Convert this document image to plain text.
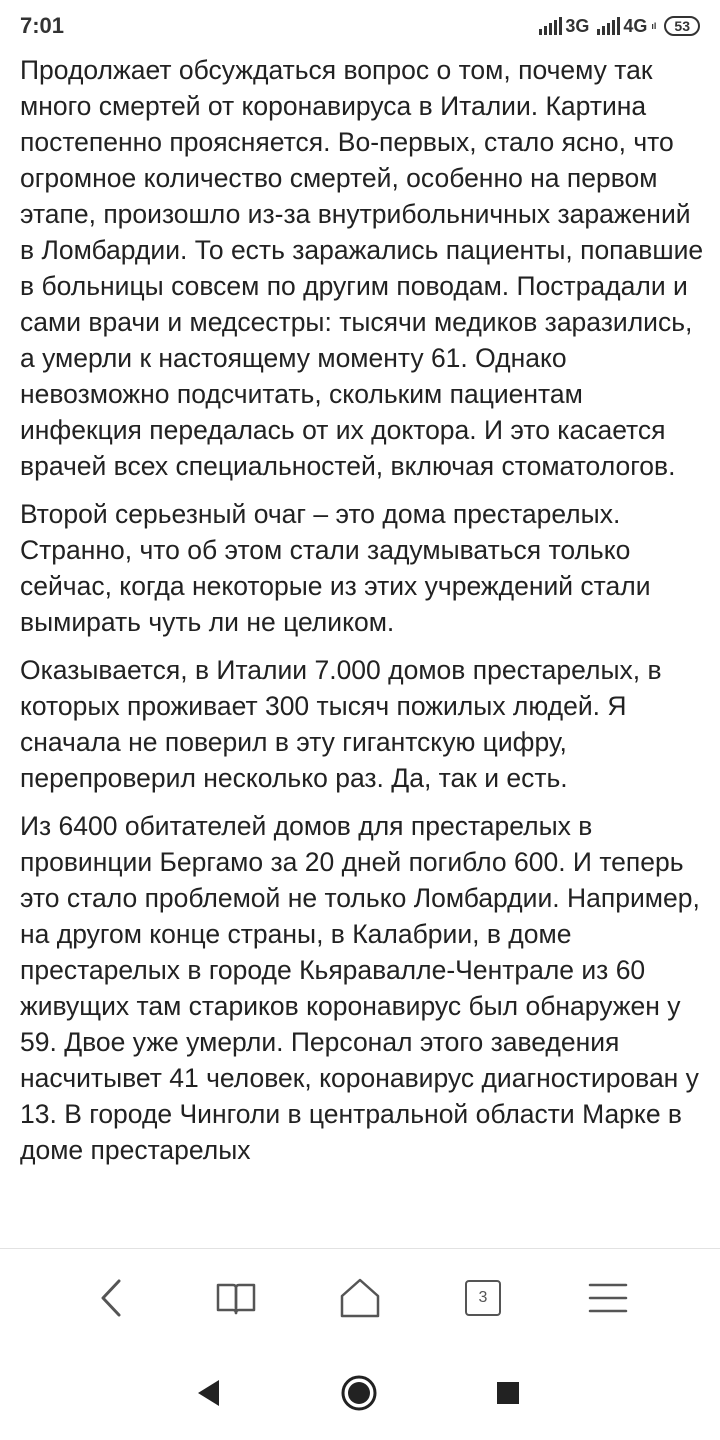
7:01	3G 4G ıl 53

Продолжает обсуждаться вопрос о том, почему так много смертей от коронавируса в Италии. Картина постепенно проясняется. Во-первых, стало ясно, что огромное количество смертей, особенно на первом этапе, произошло из-за внутрибольничных заражений в Ломбардии. То есть заражались пациенты, попавшие в больницы совсем по другим поводам. Пострадали и сами врачи и медсестры: тысячи медиков заразились, а умерли к настоящему моменту 61. Однако невозможно подсчитать, скольким пациентам инфекция передалась от их доктора. И это касается врачей всех специальностей, включая стоматологов.

Второй серьезный очаг – это дома престарелых. Странно, что об этом стали задумываться только сейчас, когда некоторые из этих учреждений стали вымирать чуть ли не целиком.

Оказывается, в Италии 7.000 домов престарелых, в которых проживает 300 тысяч пожилых людей. Я сначала не поверил в эту гигантскую цифру, перепроверил несколько раз. Да, так и есть.

Из 6400 обитателей домов для престарелых в провинции Бергамо за 20 дней погибло 600. И теперь это стало проблемой не только Ломбардии. Например, на другом конце страны, в Калабрии, в доме престарелых в городе Кьяравалле-Чентрале из 60 живущих там стариков коронавирус был обнаружен у 59. Двое уже умерли. Персонал этого заведения насчитывет 41 человек, коронавирус диагностирован у 13. В городе Чинголи в центральной области Марке в доме престарелых

3
